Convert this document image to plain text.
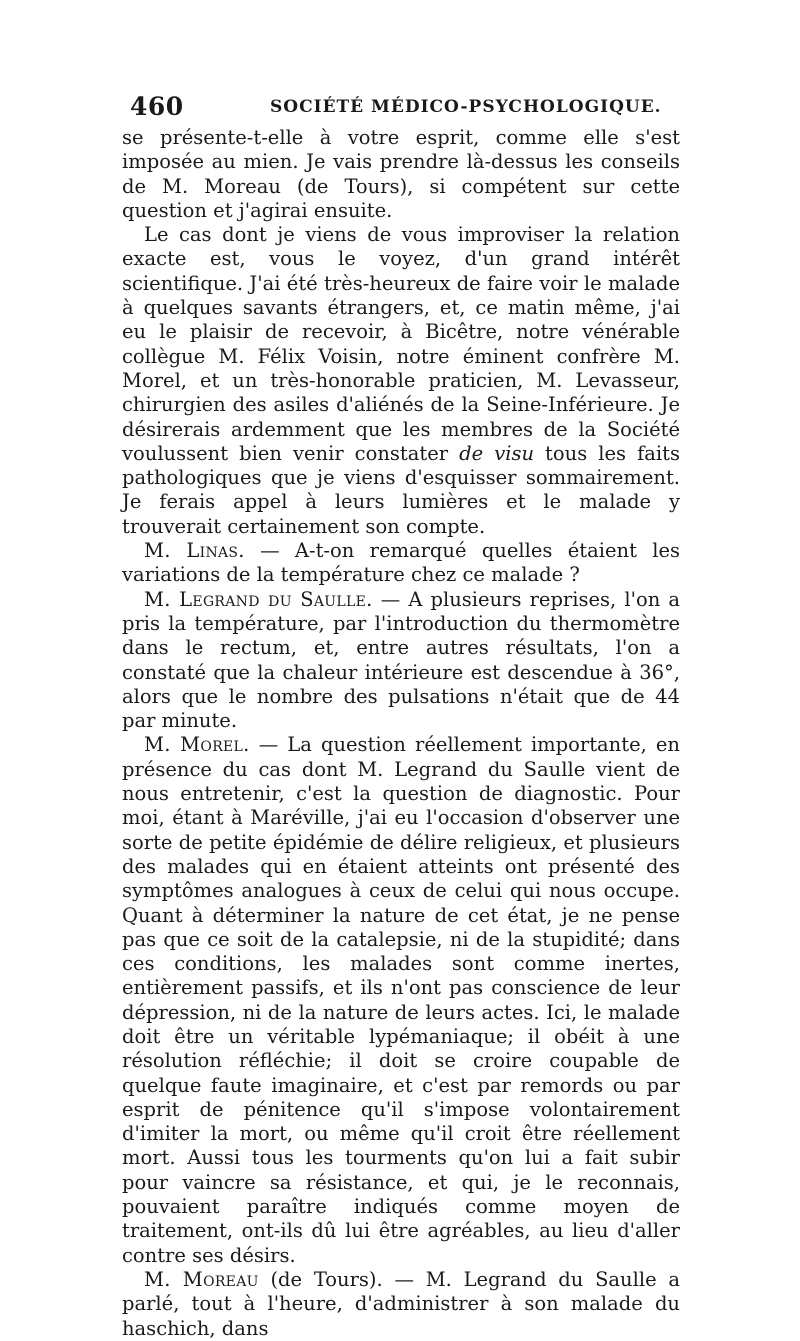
460	SOCIÉTÉ MÉDICO-PSYCHOLOGIQUE.

se présente-t-elle à votre esprit, comme elle s'est imposée au mien. Je vais prendre là-dessus les conseils de M. Moreau (de Tours), si compétent sur cette question et j'agirai ensuite.

Le cas dont je viens de vous improviser la relation exacte est, vous le voyez, d'un grand intérêt scientifique. J'ai été très-heureux de faire voir le malade à quelques savants étrangers, et, ce matin même, j'ai eu le plaisir de recevoir, à Bicêtre, notre vénérable collègue M. Félix Voisin, notre éminent confrère M. Morel, et un très-honorable praticien, M. Levasseur, chirurgien des asiles d'aliénés de la Seine-Inférieure. Je désirerais ardemment que les membres de la Société voulussent bien venir constater de visu tous les faits pathologiques que je viens d'esquisser sommairement. Je ferais appel à leurs lumières et le malade y trouverait certainement son compte.

M. Linas. — A-t-on remarqué quelles étaient les variations de la température chez ce malade ?

M. Legrand du Saulle. — A plusieurs reprises, l'on a pris la température, par l'introduction du thermomètre dans le rectum, et, entre autres résultats, l'on a constaté que la chaleur intérieure est descendue à 36°, alors que le nombre des pulsations n'était que de 44 par minute.

M. Morel. — La question réellement importante, en présence du cas dont M. Legrand du Saulle vient de nous entretenir, c'est la question de diagnostic. Pour moi, étant à Maréville, j'ai eu l'occasion d'observer une sorte de petite épidémie de délire religieux, et plusieurs des malades qui en étaient atteints ont présenté des symptômes analogues à ceux de celui qui nous occupe. Quant à déterminer la nature de cet état, je ne pense pas que ce soit de la catalepsie, ni de la stupidité; dans ces conditions, les malades sont comme inertes, entièrement passifs, et ils n'ont pas conscience de leur dépression, ni de la nature de leurs actes. Ici, le malade doit être un véritable lypémaniaque; il obéit à une résolution réfléchie; il doit se croire coupable de quelque faute imaginaire, et c'est par remords ou par esprit de pénitence qu'il s'impose volontairement d'imiter la mort, ou même qu'il croit être réellement mort. Aussi tous les tourments qu'on lui a fait subir pour vaincre sa résistance, et qui, je le reconnais, pouvaient paraître indiqués comme moyen de traitement, ont-ils dû lui être agréables, au lieu d'aller contre ses désirs.

M. Moreau (de Tours). — M. Legrand du Saulle a parlé, tout à l'heure, d'administrer à son malade du haschich, dans
